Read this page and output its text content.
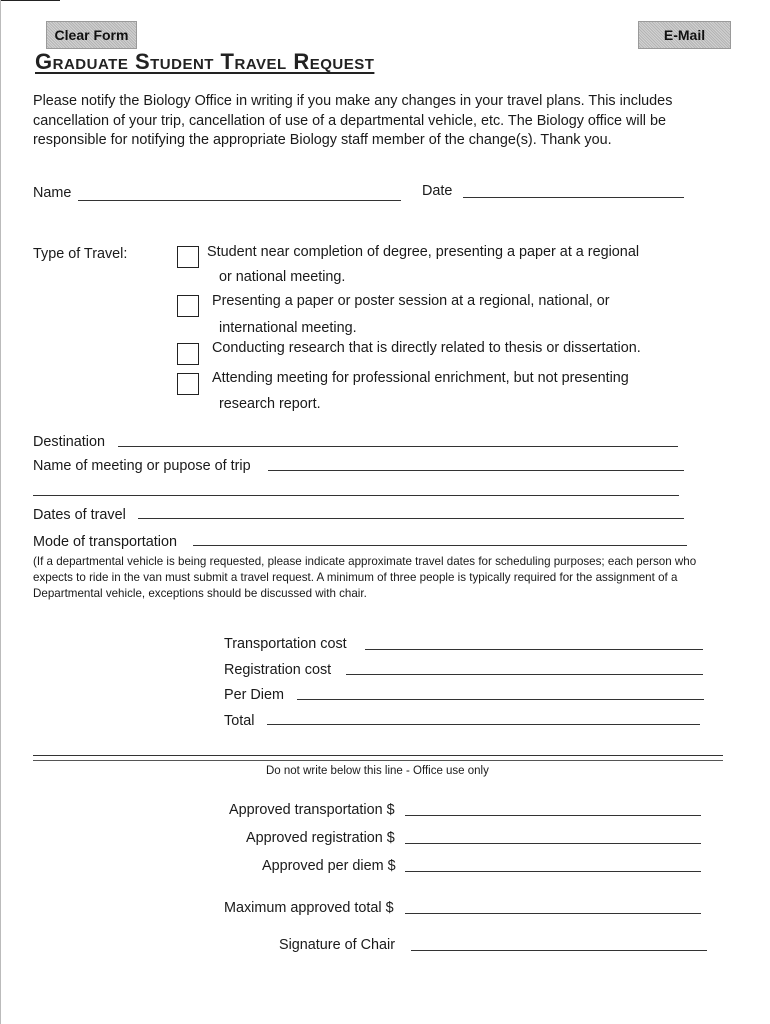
Clear Form	E-Mail
Graduate Student Travel Request
Please notify the Biology Office in writing if you make any changes in your travel plans. This includes cancellation of your trip, cancellation of use of a departmental vehicle, etc. The Biology office will be responsible for notifying the appropriate Biology staff member of the change(s). Thank you.
Name	Date
Type of Travel:	Student near completion of degree, presenting a paper at a regional
or national meeting.
Presenting a paper or poster session at a regional, national, or
international meeting.
Conducting research that is directly related to thesis or dissertation.
Attending meeting for professional enrichment, but not presenting
research report.
Destination
Name of meeting or pupose of trip
Dates of travel
Mode of transportation
(If a departmental vehicle is being requested, please indicate approximate travel dates for scheduling purposes; each person who expects to ride in the van must submit a travel request. A minimum of three people is typically required for the assignment of a Departmental vehicle, exceptions should be discussed with chair.
Transportation cost
Registration cost
Per Diem
Total
Do not write below this line - Office use only
Approved transportation $
Approved registration $
Approved per diem $
Maximum approved total $
Signature of Chair
